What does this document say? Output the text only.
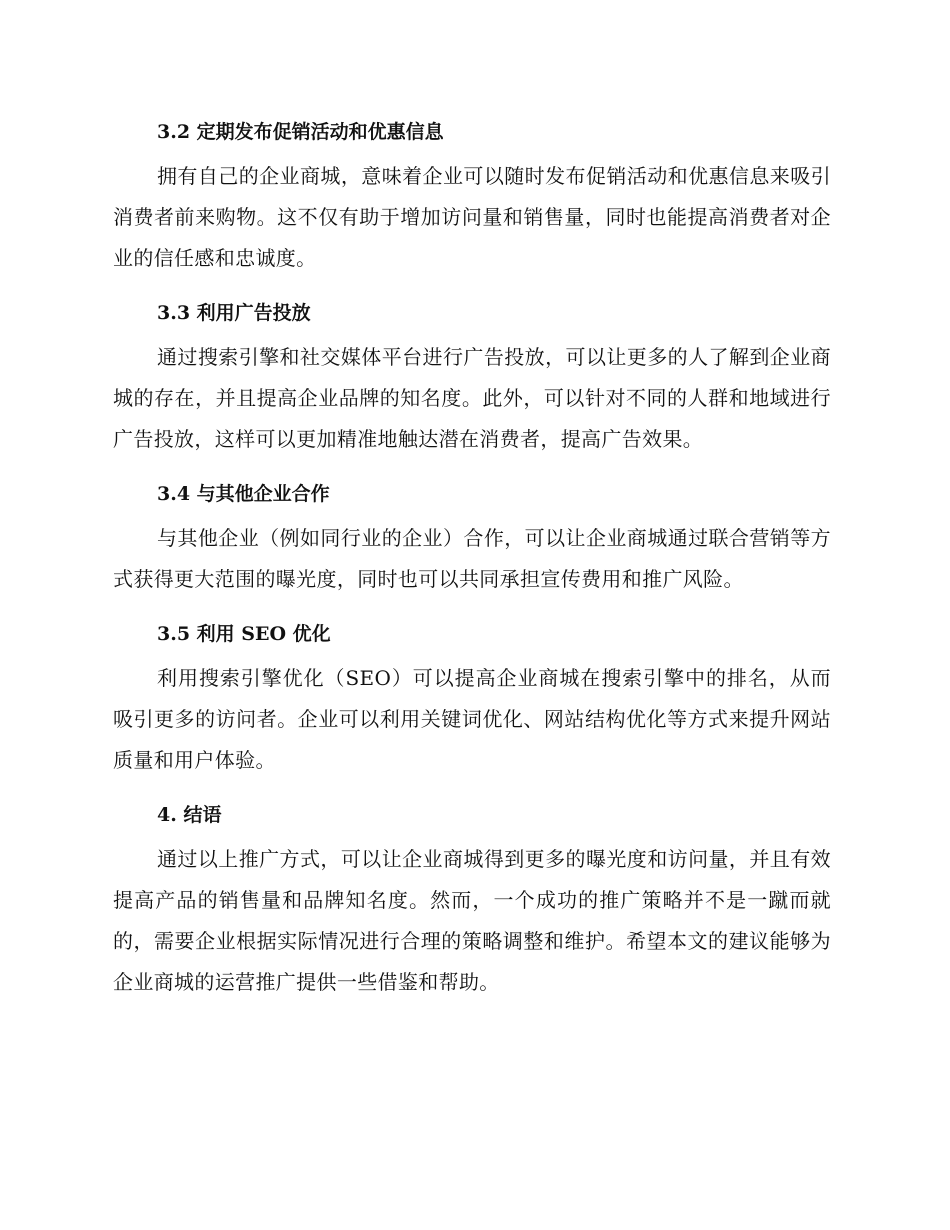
3.2 定期发布促销活动和优惠信息

拥有自己的企业商城，意味着企业可以随时发布促销活动和优惠信息来吸引消费者前来购物。这不仅有助于增加访问量和销售量，同时也能提高消费者对企业的信任感和忠诚度。

3.3 利用广告投放

通过搜索引擎和社交媒体平台进行广告投放，可以让更多的人了解到企业商城的存在，并且提高企业品牌的知名度。此外，可以针对不同的人群和地域进行广告投放，这样可以更加精准地触达潜在消费者，提高广告效果。

3.4 与其他企业合作

与其他企业（例如同行业的企业）合作，可以让企业商城通过联合营销等方式获得更大范围的曝光度，同时也可以共同承担宣传费用和推广风险。

3.5 利用 SEO 优化

利用搜索引擎优化（SEO）可以提高企业商城在搜索引擎中的排名，从而吸引更多的访问者。企业可以利用关键词优化、网站结构优化等方式来提升网站质量和用户体验。

4. 结语

通过以上推广方式，可以让企业商城得到更多的曝光度和访问量，并且有效提高产品的销售量和品牌知名度。然而，一个成功的推广策略并不是一蹴而就的，需要企业根据实际情况进行合理的策略调整和维护。希望本文的建议能够为企业商城的运营推广提供一些借鉴和帮助。
